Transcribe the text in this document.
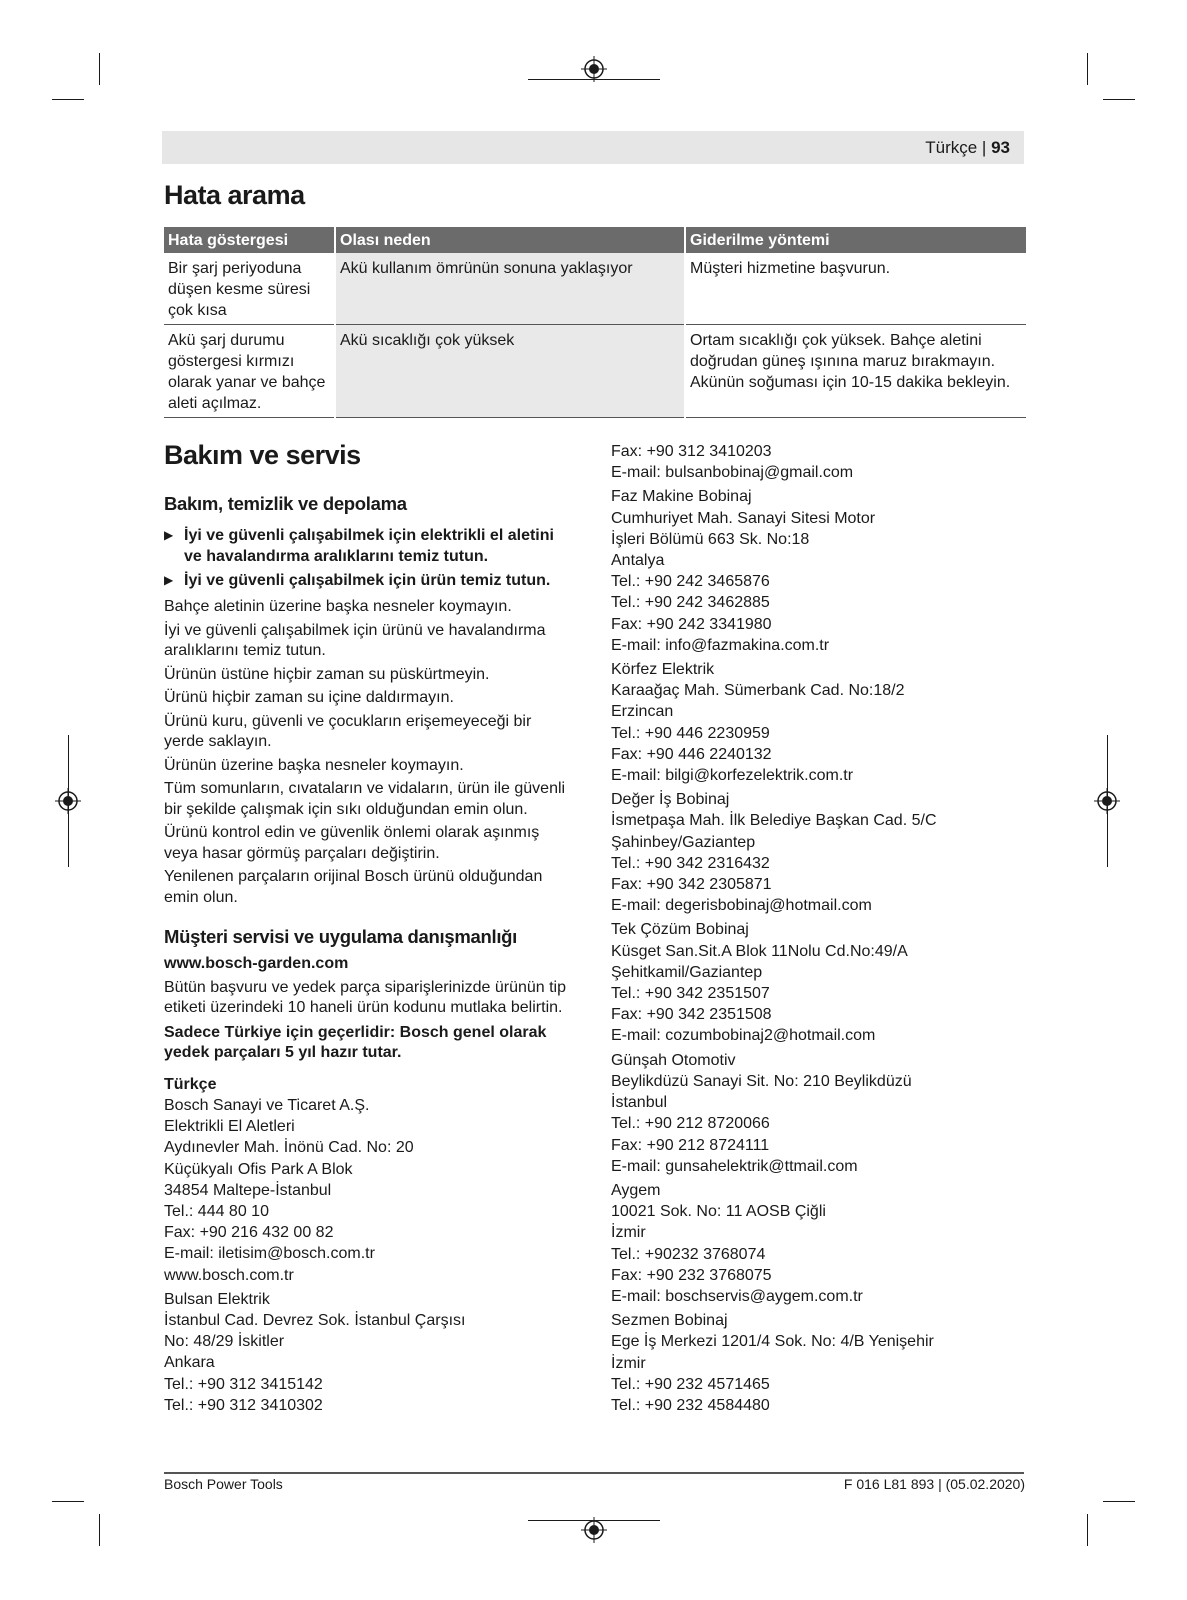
Türkçe | 93
Hata arama
Hata göstergesi	Olası neden	Giderilme yöntemi
Bir şarj periyoduna düşen kesme süresi çok kısa	Akü kullanım ömrünün sonuna yaklaşıyor	Müşteri hizmetine başvurun.
Akü şarj durumu göstergesi kırmızı olarak yanar ve bahçe aleti açılmaz.	Akü sıcaklığı çok yüksek	Ortam sıcaklığı çok yüksek. Bahçe aletini doğrudan güneş ışınına maruz bırakmayın. Akünün soğuması için 10-15 dakika bekleyin.
Bakım ve servis
Bakım, temizlik ve depolama
▶ İyi ve güvenli çalışabilmek için elektrikli el aletini ve havalandırma aralıklarını temiz tutun.
▶ İyi ve güvenli çalışabilmek için ürün temiz tutun.

Bahçe aletinin üzerine başka nesneler koymayın.

İyi ve güvenli çalışabilmek için ürünü ve havalandırma aralıklarını temiz tutun.

Ürünün üstüne hiçbir zaman su püskürtmeyin.

Ürünü hiçbir zaman su içine daldırmayın.

Ürünü kuru, güvenli ve çocukların erişemeyeceği bir yerde saklayın.

Ürünün üzerine başka nesneler koymayın.

Tüm somunların, cıvataların ve vidaların, ürün ile güvenli bir şekilde çalışmak için sıkı olduğundan emin olun.

Ürünü kontrol edin ve güvenlik önlemi olarak aşınmış veya hasar görmüş parçaları değiştirin.

Yenilenen parçaların orijinal Bosch ürünü olduğundan emin olun.

Müşteri servisi ve uygulama danışmanlığı

www.bosch-garden.com

Bütün başvuru ve yedek parça siparişlerinizde ürünün tip etiketi üzerindeki 10 haneli ürün kodunu mutlaka belirtin.

Sadece Türkiye için geçerlidir: Bosch genel olarak yedek parçaları 5 yıl hazır tutar.

Türkçe

Bosch Sanayi ve Ticaret A.Ş.
Elektrikli El Aletleri
Aydınevler Mah. İnönü Cad. No: 20
Küçükyalı Ofis Park A Blok
34854 Maltepe-İstanbul
Tel.: 444 80 10
Fax: +90 216 432 00 82
E-mail: iletisim@bosch.com.tr
www.bosch.com.tr
Bulsan Elektrik
İstanbul Cad. Devrez Sok. İstanbul Çarşısı
No: 48/29 İskitler
Ankara
Tel.: +90 312 3415142
Tel.: +90 312 3410302
Fax: +90 312 3410203
E-mail: bulsanbobinaj@gmail.com
Faz Makine Bobinaj
Cumhuriyet Mah. Sanayi Sitesi Motor
İşleri Bölümü 663 Sk. No:18
Antalya
Tel.: +90 242 3465876
Tel.: +90 242 3462885
Fax: +90 242 3341980
E-mail: info@fazmakina.com.tr
Körfez Elektrik
Karaağaç Mah. Sümerbank Cad. No:18/2
Erzincan
Tel.: +90 446 2230959
Fax: +90 446 2240132
E-mail: bilgi@korfezelektrik.com.tr
Değer İş Bobinaj
İsmetpaşa Mah. İlk Belediye Başkan Cad. 5/C
Şahinbey/Gaziantep
Tel.: +90 342 2316432
Fax: +90 342 2305871
E-mail: degerisbobinaj@hotmail.com
Tek Çözüm Bobinaj
Küsget San.Sit.A Blok 11Nolu Cd.No:49/A
Şehitkamil/Gaziantep
Tel.: +90 342 2351507
Fax: +90 342 2351508
E-mail: cozumbobinaj2@hotmail.com
Günşah Otomotiv
Beylikdüzü Sanayi Sit. No: 210 Beylikdüzü
İstanbul
Tel.: +90 212 8720066
Fax: +90 212 8724111
E-mail: gunsahelektrik@ttmail.com
Aygem
10021 Sok. No: 11 AOSB Çiğli
İzmir
Tel.: +90232 3768074
Fax: +90 232 3768075
E-mail: boschservis@aygem.com.tr
Sezmen Bobinaj
Ege İş Merkezi 1201/4 Sok. No: 4/B Yenişehir
İzmir
Tel.: +90 232 4571465
Tel.: +90 232 4584480
Bosch Power Tools	F 016 L81 893 | (05.02.2020)
